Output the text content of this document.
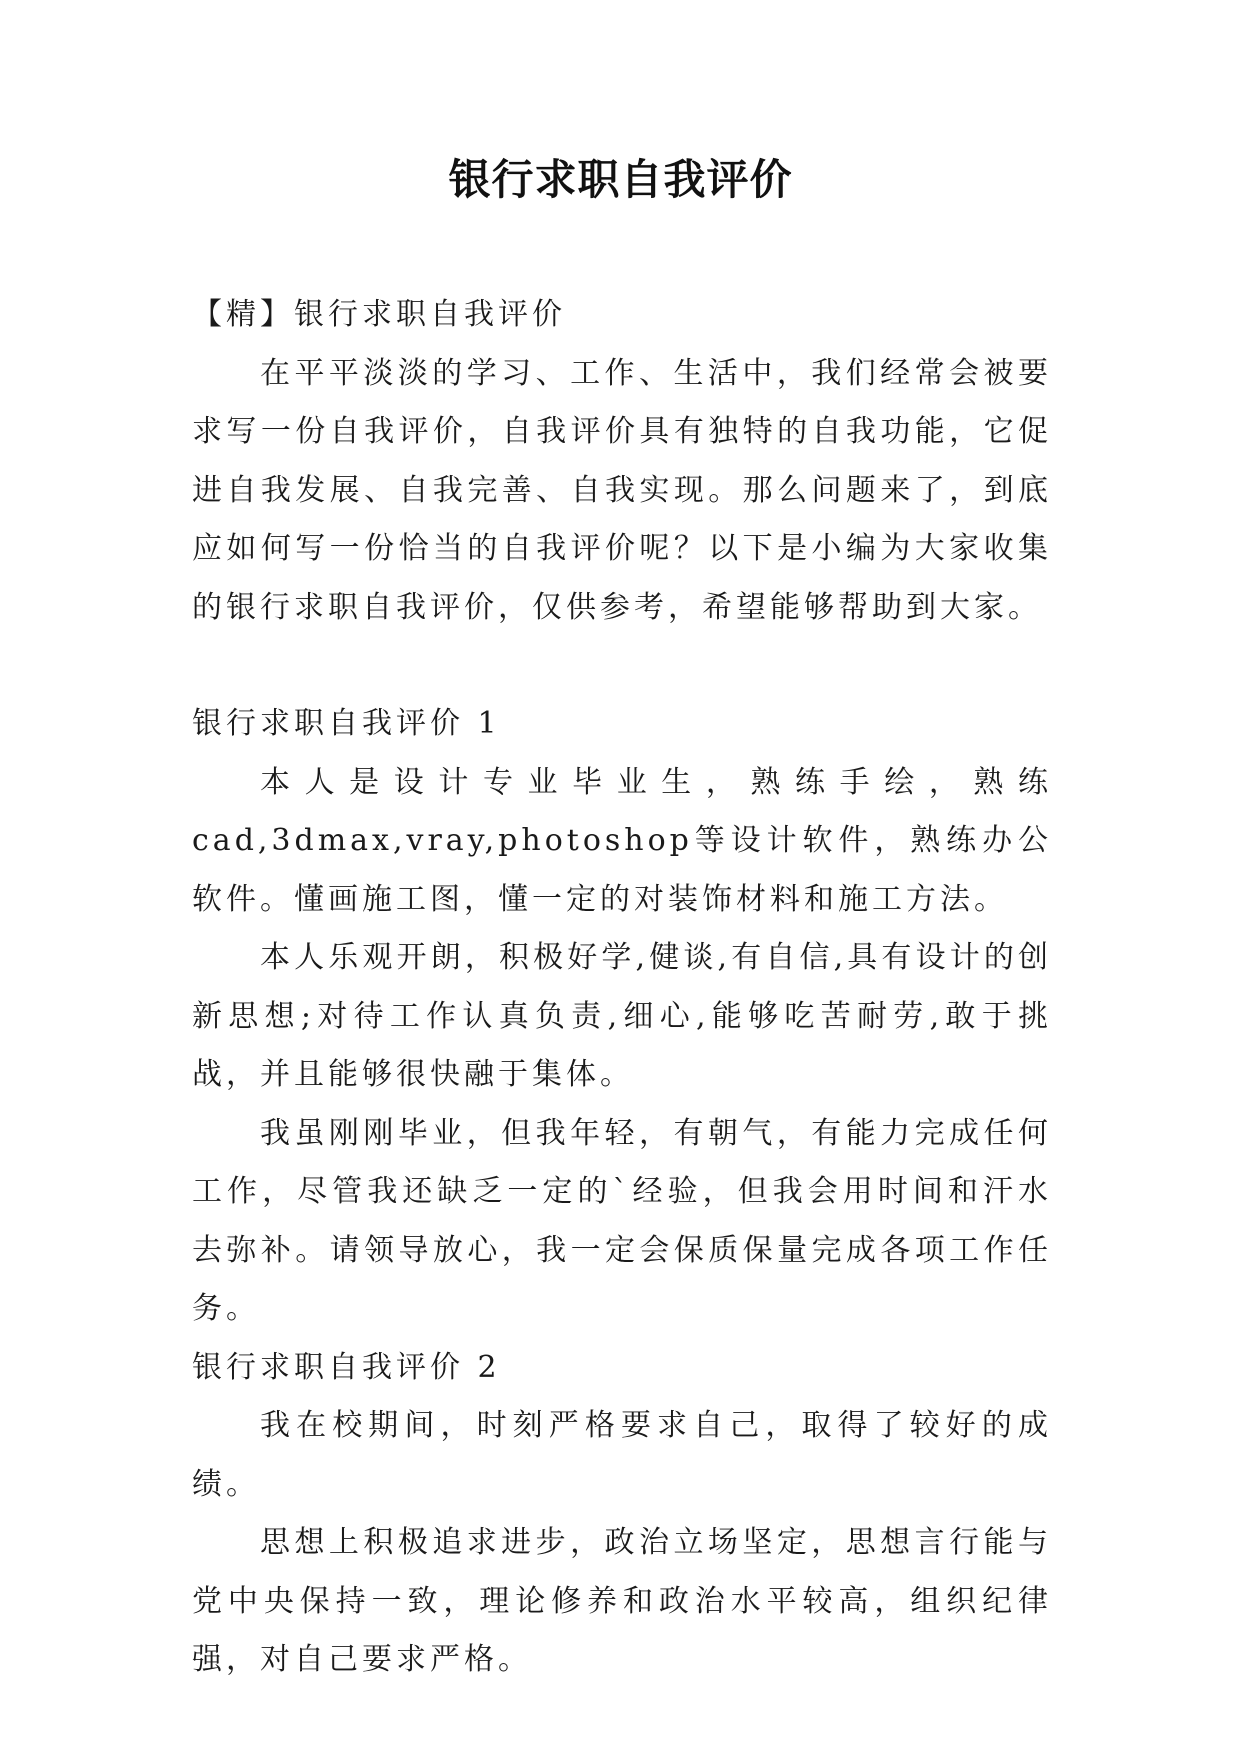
银行求职自我评价

【精】银行求职自我评价

在平平淡淡的学习、工作、生活中，我们经常会被要求写一份自我评价，自我评价具有独特的自我功能，它促进自我发展、自我完善、自我实现。那么问题来了，到底应如何写一份恰当的自我评价呢？以下是小编为大家收集的银行求职自我评价，仅供参考，希望能够帮助到大家。

银行求职自我评价 1

本人是设计专业毕业生，熟练手绘，熟练cad,3dmax,vray,photoshop等设计软件，熟练办公软件。懂画施工图，懂一定的对装饰材料和施工方法。

本人乐观开朗，积极好学,健谈,有自信,具有设计的创新思想;对待工作认真负责,细心,能够吃苦耐劳,敢于挑战，并且能够很快融于集体。

我虽刚刚毕业，但我年轻，有朝气，有能力完成任何工作，尽管我还缺乏一定的`经验，但我会用时间和汗水去弥补。请领导放心，我一定会保质保量完成各项工作任务。

银行求职自我评价 2

我在校期间，时刻严格要求自己，取得了较好的成绩。

思想上积极追求进步，政治立场坚定，思想言行能与党中央保持一致，理论修养和政治水平较高，组织纪律强，对自己要求严格。
